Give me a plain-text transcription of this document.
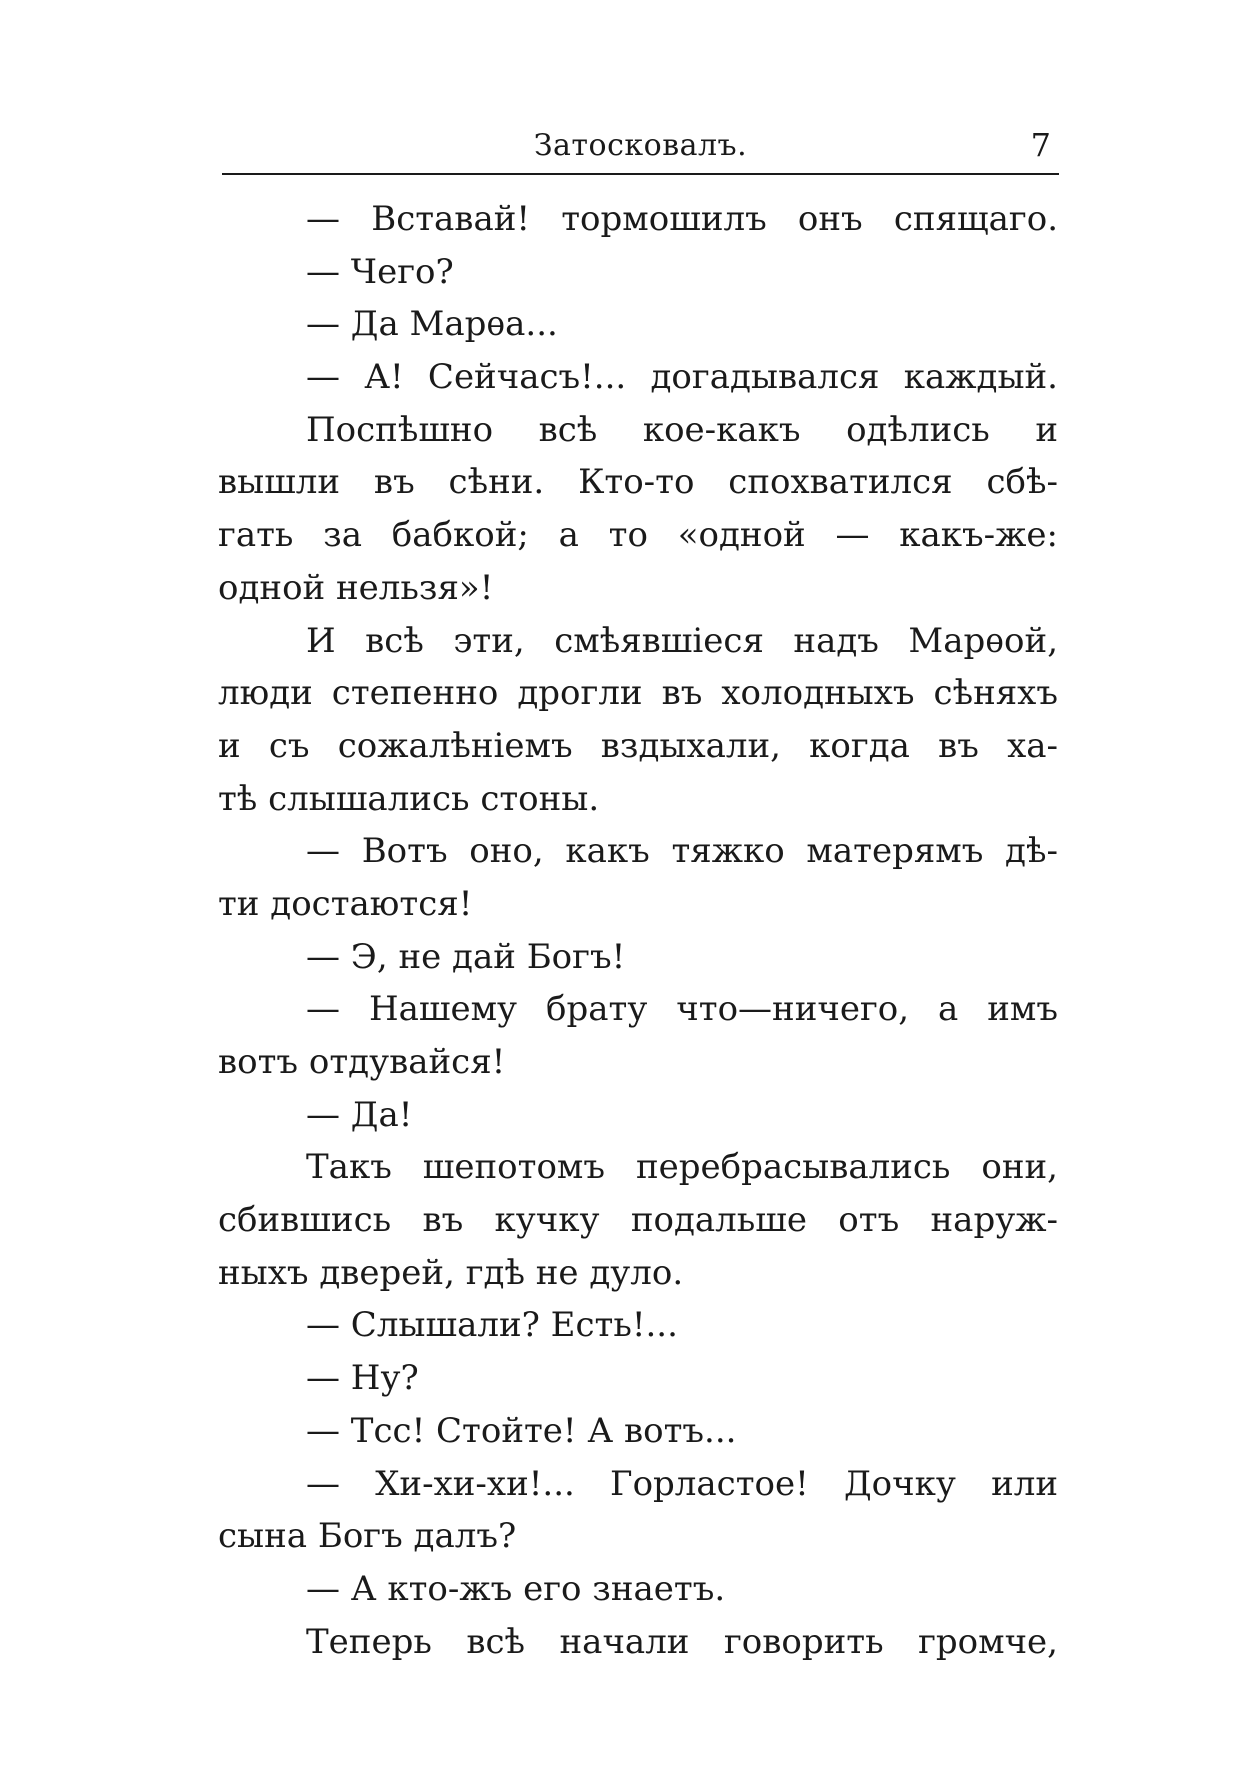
Затосковалъ.	7
— Вставай! тормошилъ онъ спящаго.
— Чего?
— Да Марѳа...
— А! Сейчасъ!... догадывался каждый.
Поспѣшно всѣ кое-какъ одѣлись и
вышли въ сѣни. Кто-то спохватился сбѣ-
гать за бабкой; а то «одной — какъ-же:
одной нельзя»!
И всѣ эти, смѣявшіеся надъ Марѳой,
люди степенно дрогли въ холодныхъ сѣняхъ
и съ сожалѣніемъ вздыхали, когда въ ха-
тѣ слышались стоны.
— Вотъ оно, какъ тяжко матерямъ дѣ-
ти достаются!
— Э, не дай Богъ!
— Нашему брату что—ничего, а имъ
вотъ отдувайся!
— Да!
Такъ шепотомъ перебрасывались они,
сбившись въ кучку подальше отъ наруж-
ныхъ дверей, гдѣ не дуло.
— Слышали? Есть!...
— Ну?
— Тсс! Стойте! А вотъ...
— Хи-хи-хи!... Горластое! Дочку или
сына Богъ далъ?
— А кто-жъ его знаетъ.
Теперь всѣ начали говорить громче,
